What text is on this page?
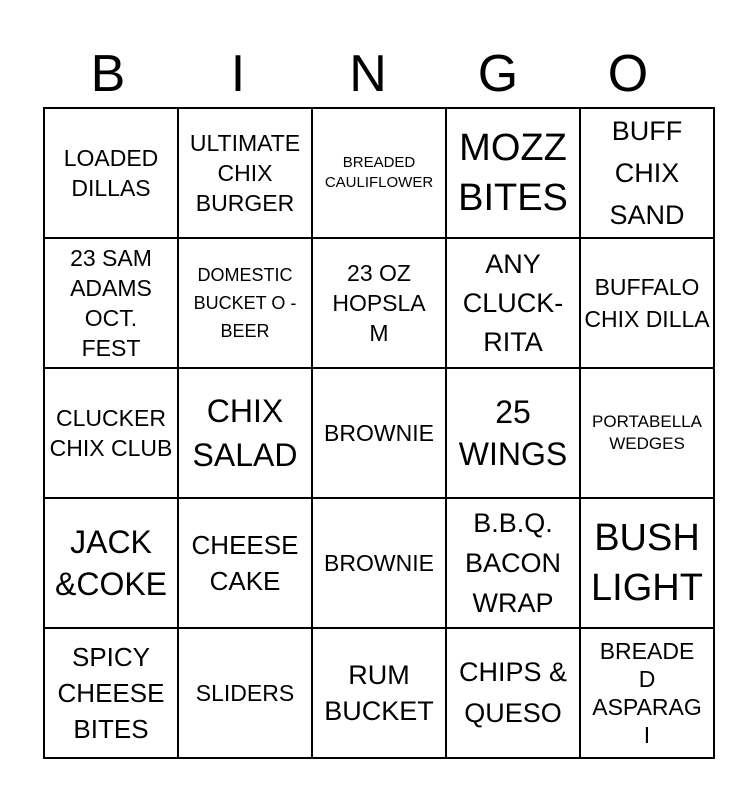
B	I	N	G	O
LOADED DILLAS	ULTIMATE CHIX BURGER	BREADED CAULIFLOWER	MOZZ BITES	BUFF CHIX SAND

23 SAM ADAMS OCT. FEST	DOMESTIC BUCKET O -BEER	23 OZ HOPSLAM	ANY CLUCK-RITA	BUFFALO CHIX DILLA

CLUCKER CHIX CLUB	CHIX SALAD	BROWNIE	25 WINGS	PORTABELLA WEDGES

JACK &COKE	CHEESE CAKE	BROWNIE	B.B.Q. BACON WRAP	BUSH LIGHT

SPICY CHEESE BITES	SLIDERS	RUM BUCKET	CHIPS & QUESO	BREADED ASPARAGI
